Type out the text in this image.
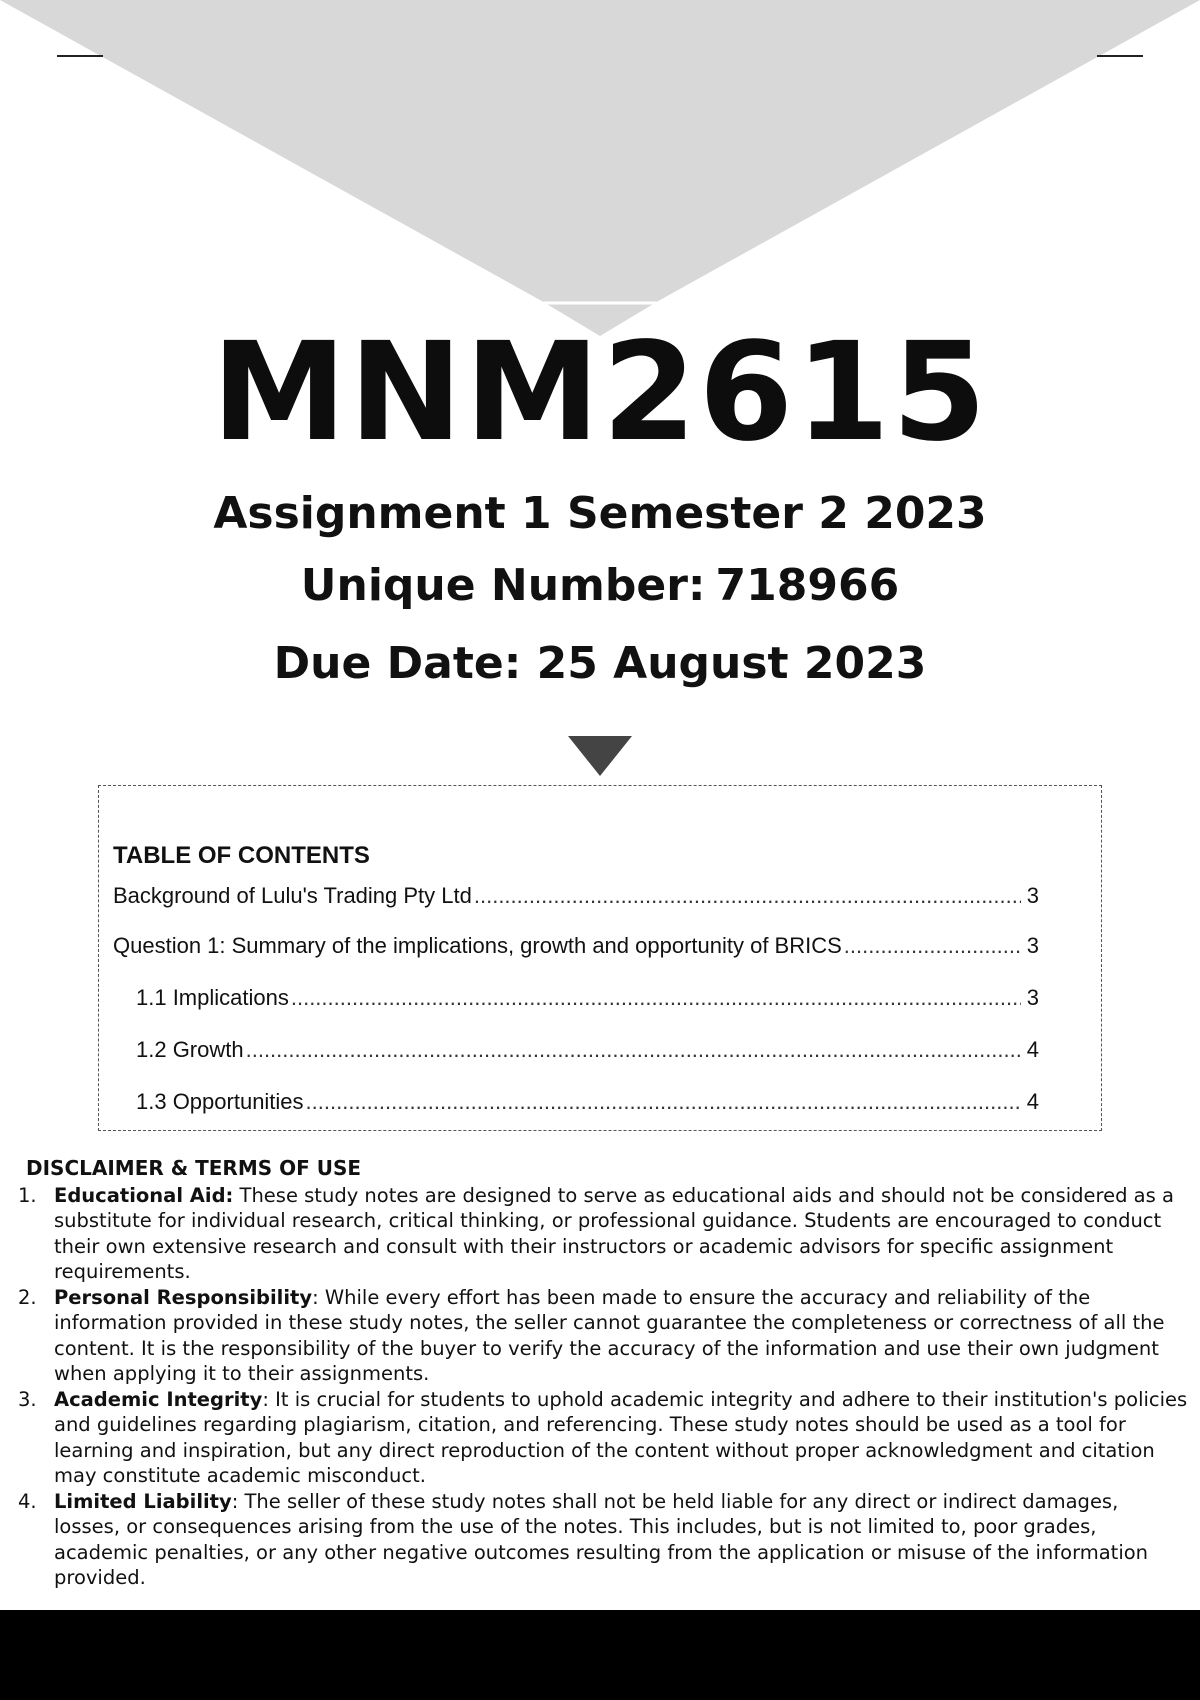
MNM2615
Assignment 1 Semester 2 2023
Unique Number: 718966
Due Date: 25 August 2023
TABLE OF CONTENTS
Background of Lulu's Trading Pty Ltd .....	3
Question 1: Summary of the implications, growth and opportunity of BRICS .....	3
1.1 Implications .....	3
1.2 Growth .....	4
1.3 Opportunities .....	4
DISCLAIMER & TERMS OF USE
1. Educational Aid: These study notes are designed to serve as educational aids and should not be considered as a substitute for individual research, critical thinking, or professional guidance. Students are encouraged to conduct their own extensive research and consult with their instructors or academic advisors for specific assignment requirements.
2. Personal Responsibility: While every effort has been made to ensure the accuracy and reliability of the information provided in these study notes, the seller cannot guarantee the completeness or correctness of all the content. It is the responsibility of the buyer to verify the accuracy of the information and use their own judgment when applying it to their assignments.
3. Academic Integrity: It is crucial for students to uphold academic integrity and adhere to their institution's policies and guidelines regarding plagiarism, citation, and referencing. These study notes should be used as a tool for learning and inspiration, but any direct reproduction of the content without proper acknowledgment and citation may constitute academic misconduct.
4. Limited Liability: The seller of these study notes shall not be held liable for any direct or indirect damages, losses, or consequences arising from the use of the notes. This includes, but is not limited to, poor grades, academic penalties, or any other negative outcomes resulting from the application or misuse of the information provided.
